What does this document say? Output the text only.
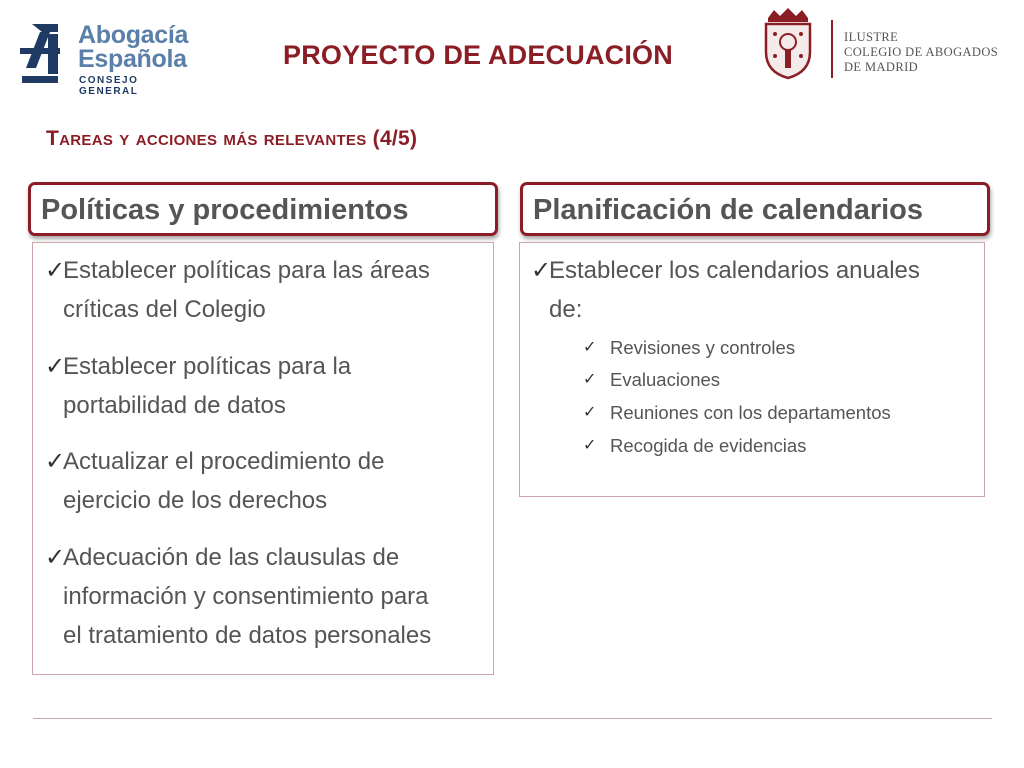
Abogacía
Española
CONSEJO GENERAL
PROYECTO DE ADECUACIÓN
ILUSTRE
COLEGIO DE ABOGADOS
DE MADRID
Tareas y acciones más relevantes (4/5)
Políticas y procedimientos
✓
Establecer políticas para las áreas
críticas del Colegio
✓
Establecer políticas para la
portabilidad de datos
✓
Actualizar el procedimiento de
ejercicio de los derechos
✓
Adecuación de las clausulas de
información y consentimiento para
el tratamiento de datos personales
Planificación de calendarios
✓
Establecer los calendarios anuales
de:
✓ Revisiones y controles
✓ Evaluaciones
✓ Reuniones con los departamentos
✓ Recogida de evidencias
